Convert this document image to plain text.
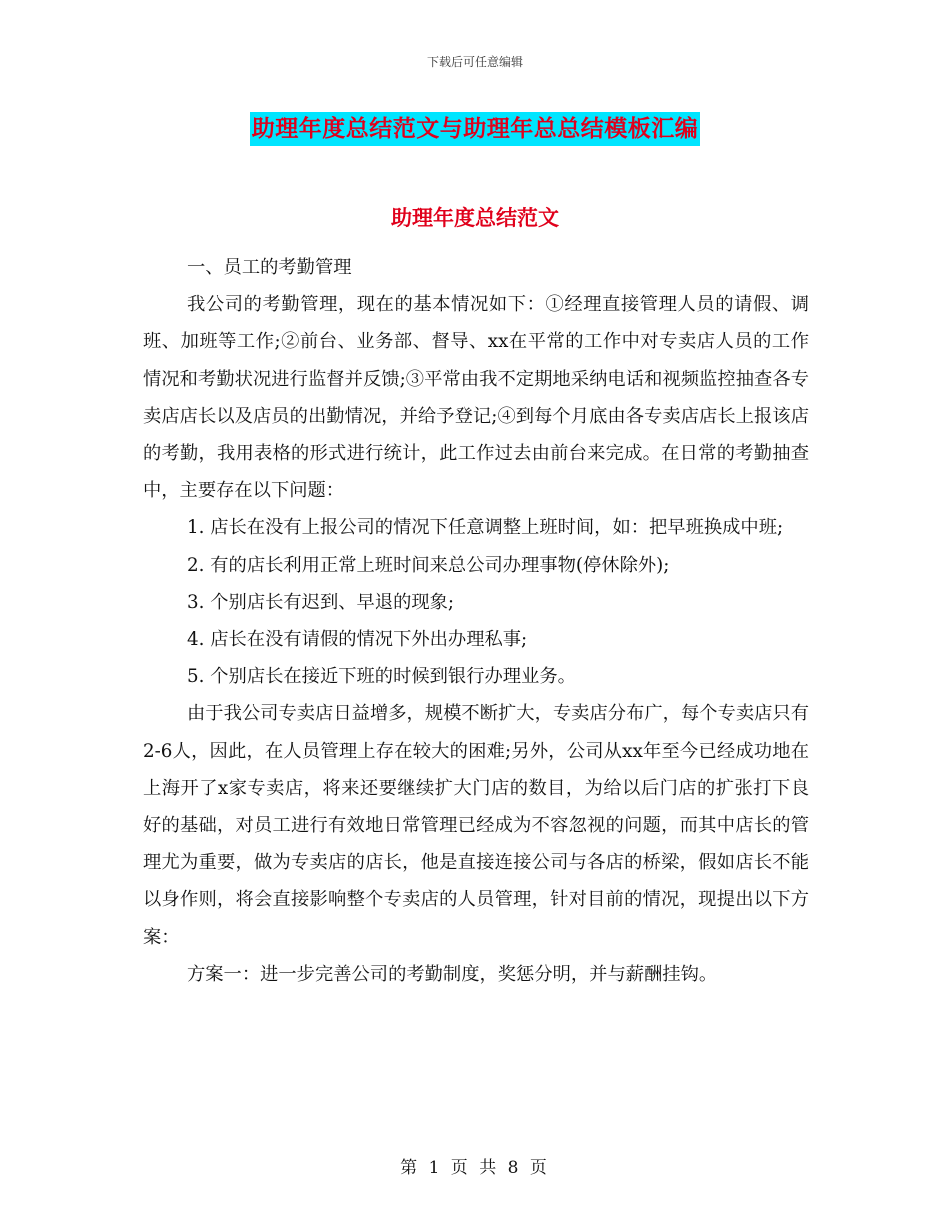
下载后可任意编辑
助理年度总结范文与助理年总总结模板汇编
助理年度总结范文

一、员工的考勤管理

我公司的考勤管理，现在的基本情况如下：①经理直接管理人员的请假、调班、加班等工作;②前台、业务部、督导、xx在平常的工作中对专卖店人员的工作情况和考勤状况进行监督并反馈;③平常由我不定期地采纳电话和视频监控抽查各专卖店店长以及店员的出勤情况，并给予登记;④到每个月底由各专卖店店长上报该店的考勤，我用表格的形式进行统计，此工作过去由前台来完成。在日常的考勤抽查中，主要存在以下问题：

1. 店长在没有上报公司的情况下任意调整上班时间，如：把早班换成中班;

2. 有的店长利用正常上班时间来总公司办理事物(停休除外);

3. 个别店长有迟到、早退的现象;

4. 店长在没有请假的情况下外出办理私事;

5. 个别店长在接近下班的时候到银行办理业务。

由于我公司专卖店日益增多，规模不断扩大，专卖店分布广，每个专卖店只有2-6人，因此，在人员管理上存在较大的困难;另外，公司从xx年至今已经成功地在上海开了x家专卖店，将来还要继续扩大门店的数目，为给以后门店的扩张打下良好的基础，对员工进行有效地日常管理已经成为不容忽视的问题，而其中店长的管理尤为重要，做为专卖店的店长，他是直接连接公司与各店的桥梁，假如店长不能以身作则，将会直接影响整个专卖店的人员管理，针对目前的情况，现提出以下方案：

方案一：进一步完善公司的考勤制度，奖惩分明，并与薪酬挂钩。

第 1 页 共 8 页
